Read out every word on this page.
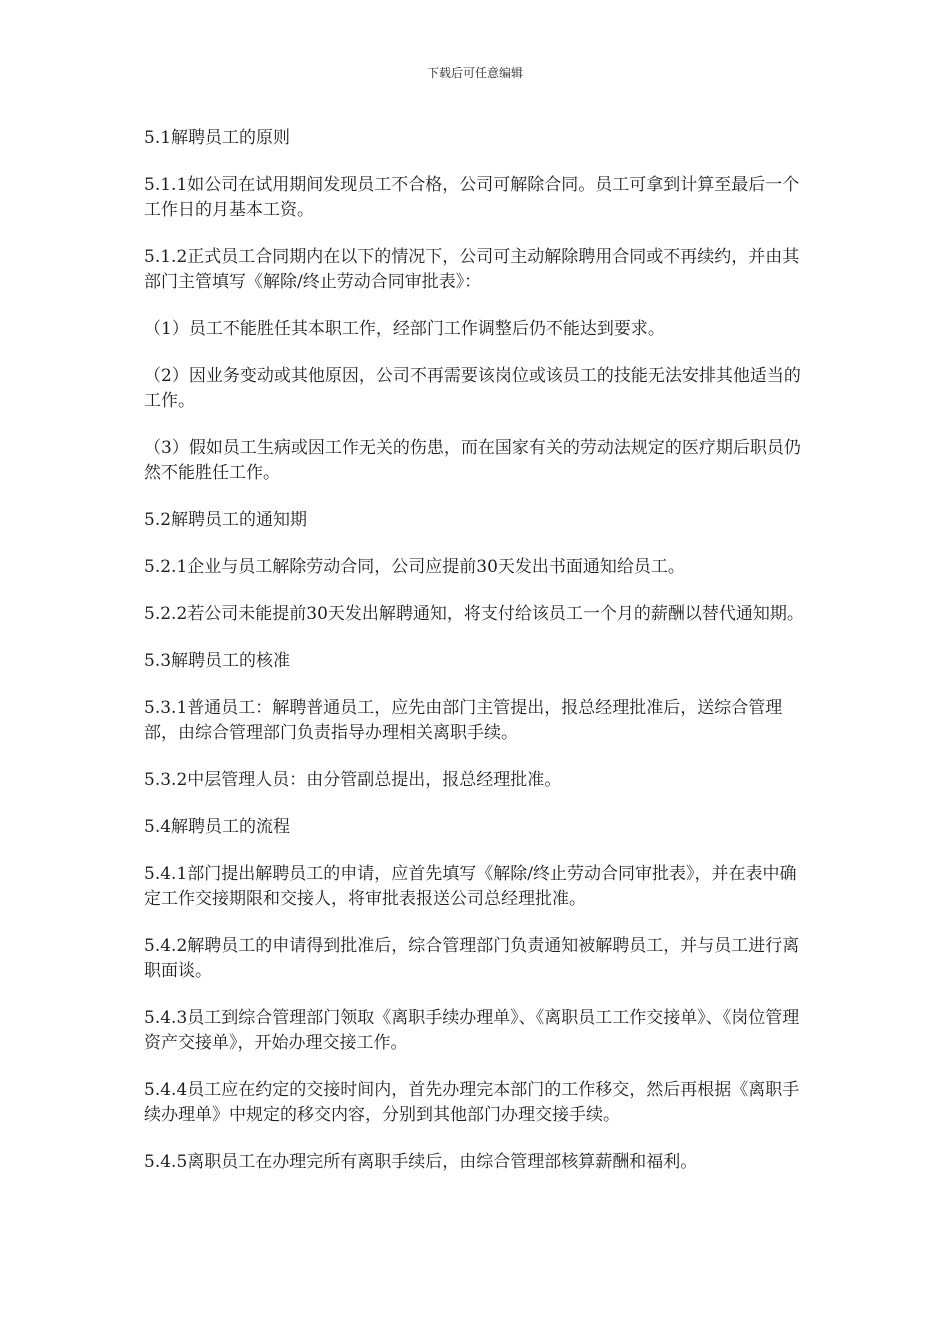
下载后可任意编辑

5.1解聘员工的原则

5.1.1如公司在试用期间发现员工不合格，公司可解除合同。员工可拿到计算至最后一个工作日的月基本工资。

5.1.2正式员工合同期内在以下的情况下，公司可主动解除聘用合同或不再续约，并由其部门主管填写《解除/终止劳动合同审批表》：

（1）员工不能胜任其本职工作，经部门工作调整后仍不能达到要求。

（2）因业务变动或其他原因，公司不再需要该岗位或该员工的技能无法安排其他适当的工作。

（3）假如员工生病或因工作无关的伤患，而在国家有关的劳动法规定的医疗期后职员仍然不能胜任工作。

5.2解聘员工的通知期

5.2.1企业与员工解除劳动合同，公司应提前30天发出书面通知给员工。

5.2.2若公司未能提前30天发出解聘通知，将支付给该员工一个月的薪酬以替代通知期。

5.3解聘员工的核准

5.3.1普通员工：解聘普通员工，应先由部门主管提出，报总经理批准后，送综合管理部，由综合管理部门负责指导办理相关离职手续。

5.3.2中层管理人员：由分管副总提出，报总经理批准。

5.4解聘员工的流程

5.4.1部门提出解聘员工的申请，应首先填写《解除/终止劳动合同审批表》，并在表中确定工作交接期限和交接人，将审批表报送公司总经理批准。

5.4.2解聘员工的申请得到批准后，综合管理部门负责通知被解聘员工，并与员工进行离职面谈。

5.4.3员工到综合管理部门领取《离职手续办理单》、《离职员工工作交接单》、《岗位管理资产交接单》，开始办理交接工作。

5.4.4员工应在约定的交接时间内，首先办理完本部门的工作移交，然后再根据《离职手续办理单》中规定的移交内容，分别到其他部门办理交接手续。

5.4.5离职员工在办理完所有离职手续后，由综合管理部核算薪酬和福利。
